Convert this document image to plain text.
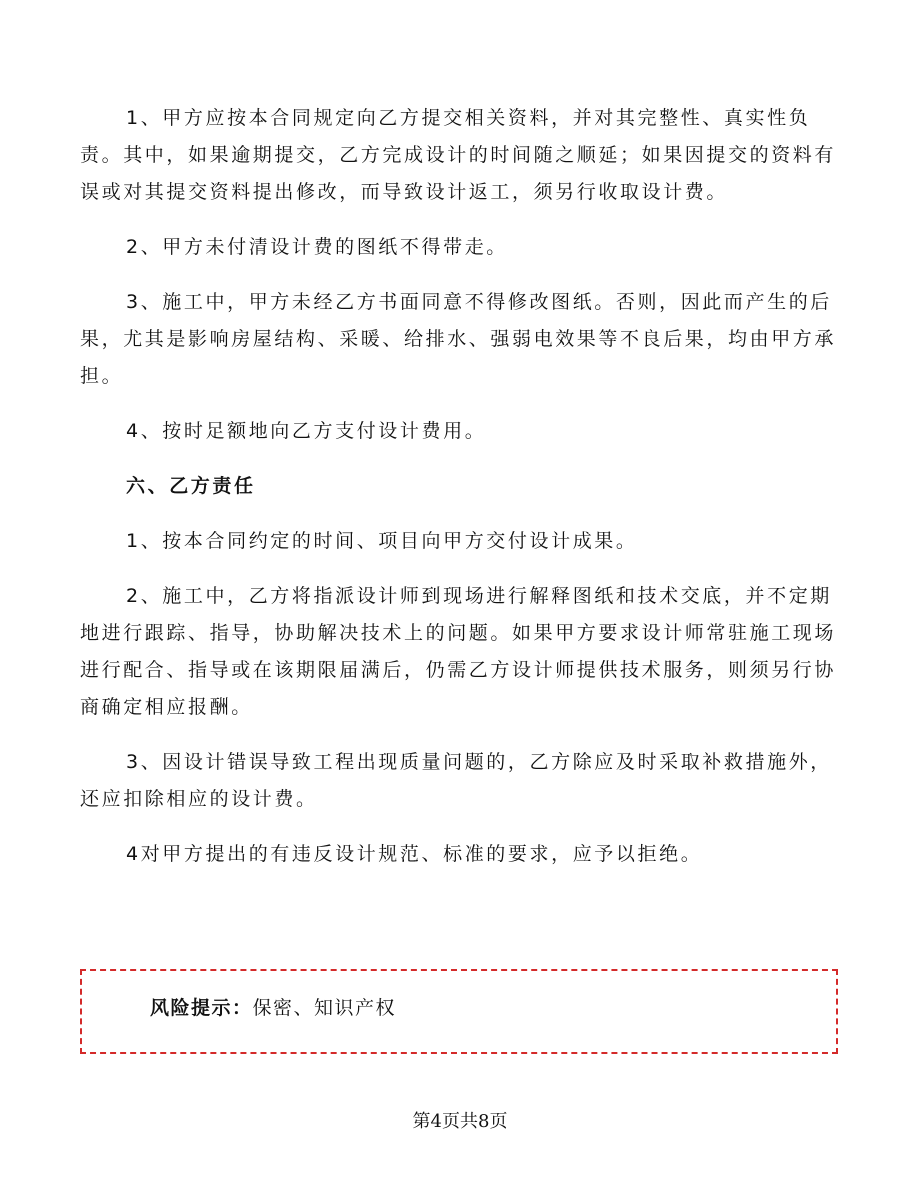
1、甲方应按本合同规定向乙方提交相关资料，并对其完整性、真实性负责。其中，如果逾期提交，乙方完成设计的时间随之顺延；如果因提交的资料有误或对其提交资料提出修改，而导致设计返工，须另行收取设计费。

2、甲方未付清设计费的图纸不得带走。

3、施工中，甲方未经乙方书面同意不得修改图纸。否则，因此而产生的后果，尤其是影响房屋结构、采暖、给排水、强弱电效果等不良后果，均由甲方承担。

4、按时足额地向乙方支付设计费用。

六、乙方责任

1、按本合同约定的时间、项目向甲方交付设计成果。

2、施工中，乙方将指派设计师到现场进行解释图纸和技术交底，并不定期地进行跟踪、指导，协助解决技术上的问题。如果甲方要求设计师常驻施工现场进行配合、指导或在该期限届满后，仍需乙方设计师提供技术服务，则须另行协商确定相应报酬。

3、因设计错误导致工程出现质量问题的，乙方除应及时采取补救措施外，还应扣除相应的设计费。

4对甲方提出的有违反设计规范、标准的要求，应予以拒绝。

风险提示：保密、知识产权
第4页共8页
